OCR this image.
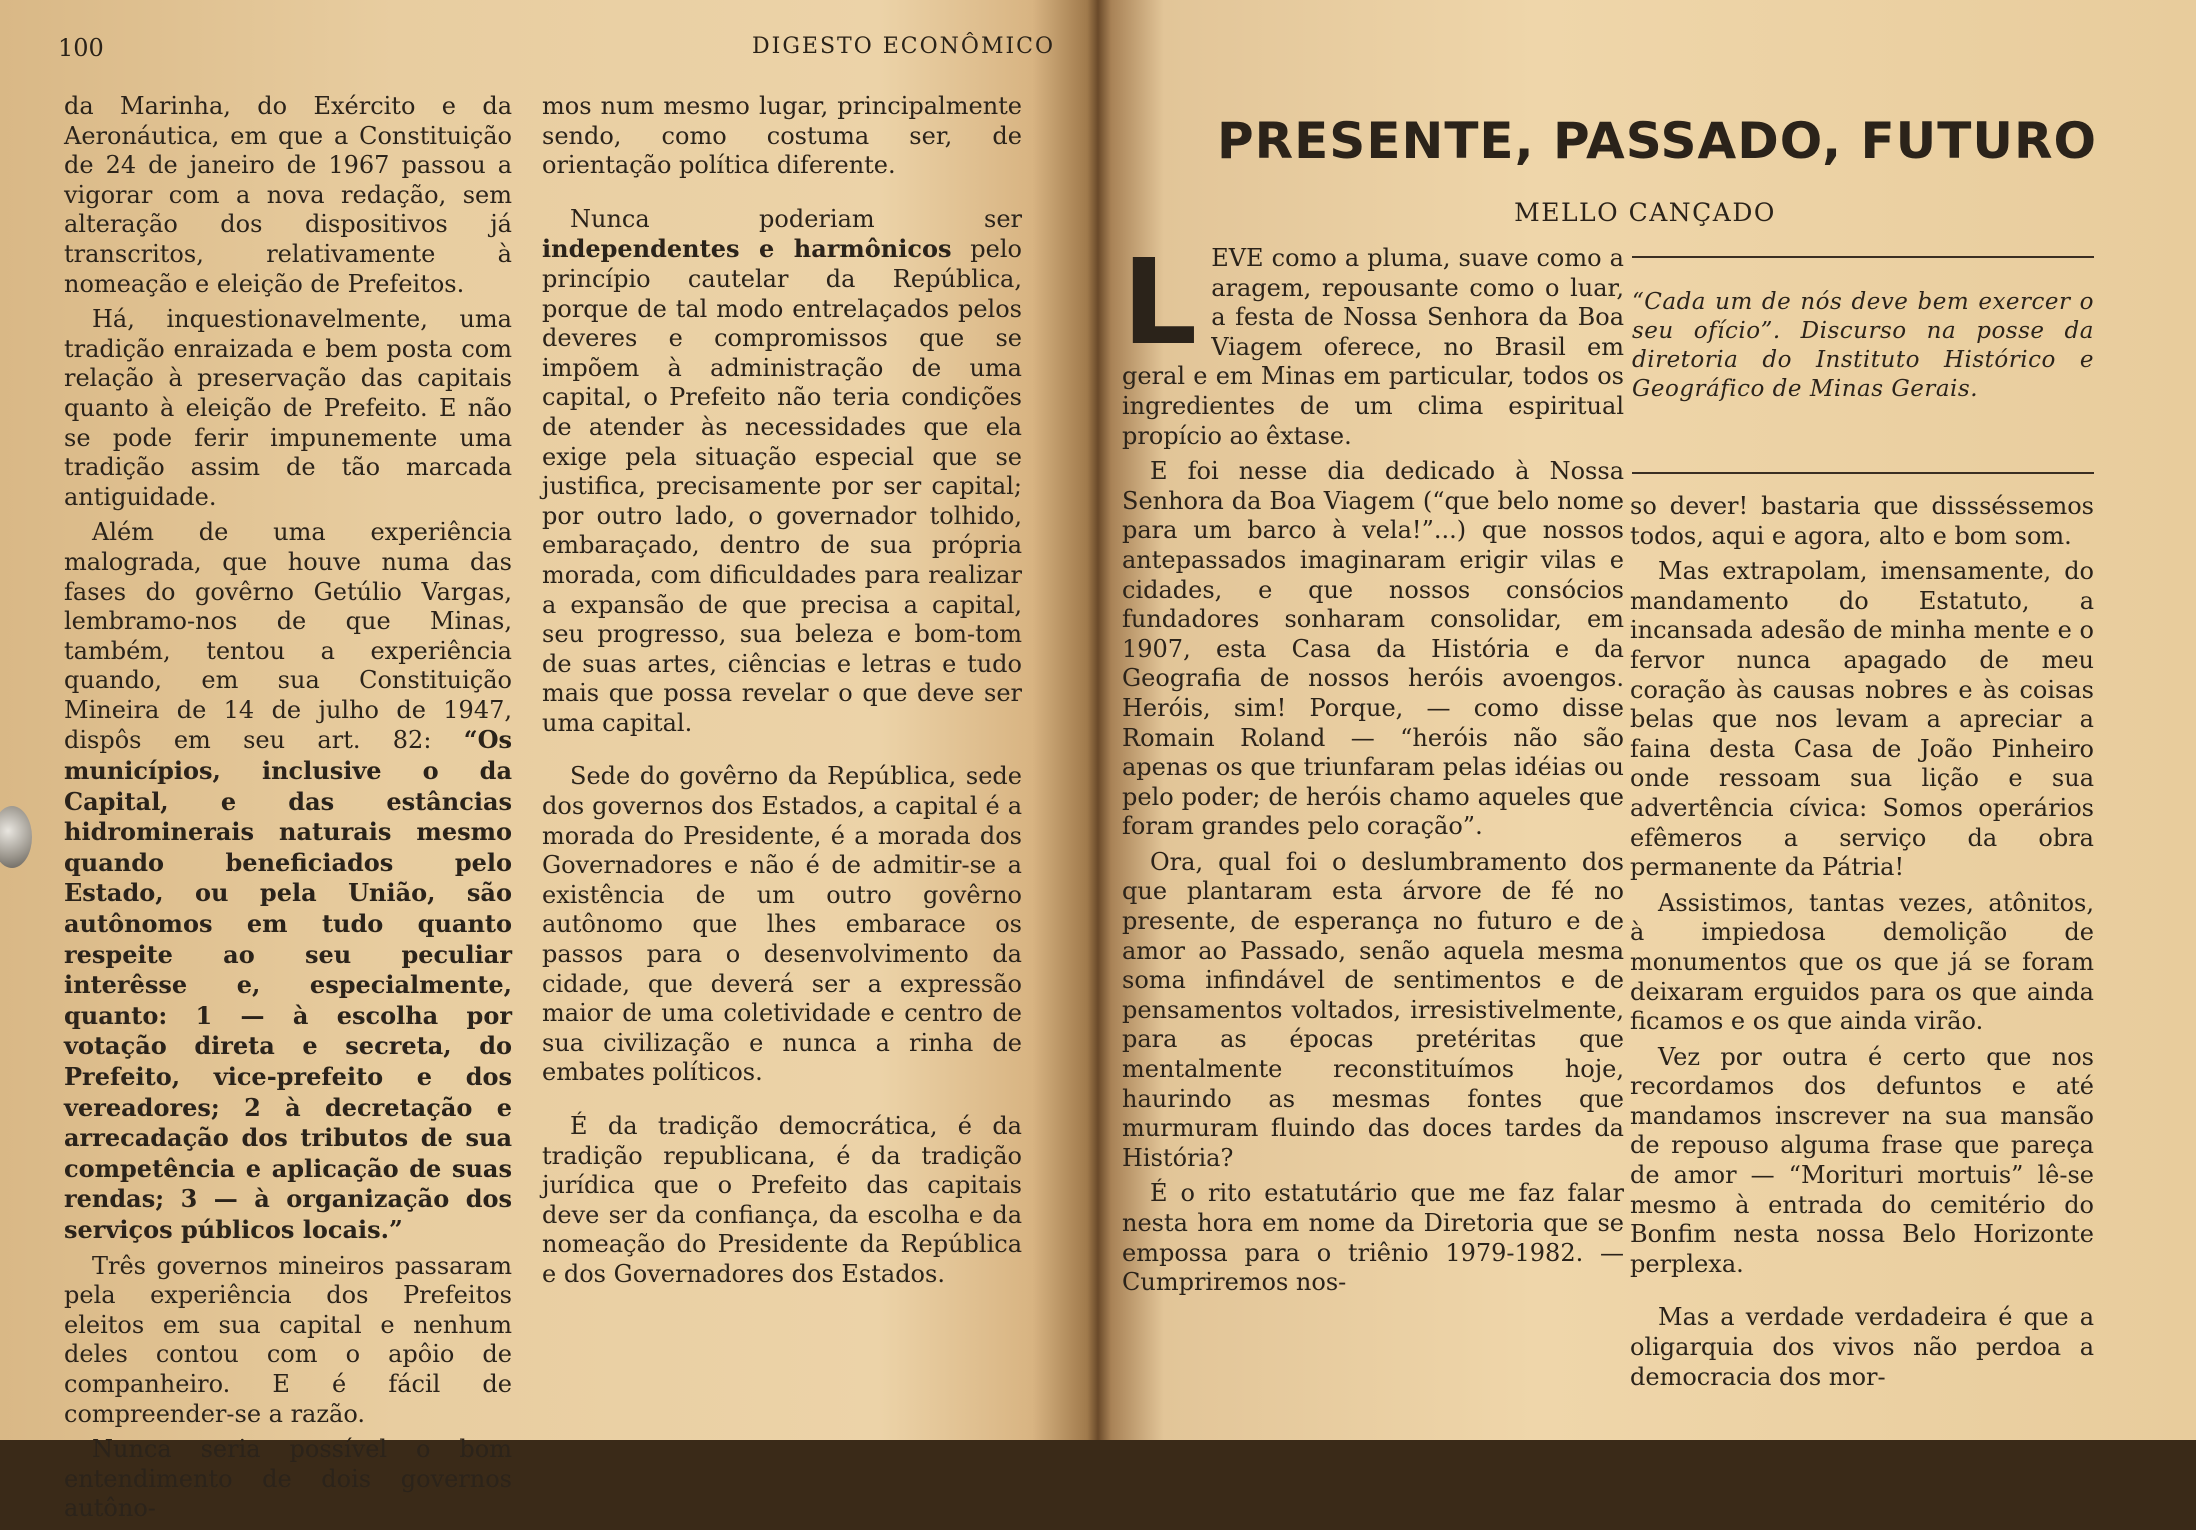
100	DIGESTO ECONÔMICO

da Marinha, do Exército e da Aeronáutica, em que a Constituição de 24 de janeiro de 1967 passou a vigorar com a nova redação, sem alteração dos dispositivos já transcritos, relativamente à nomeação e eleição de Prefeitos.

Há, inquestionavelmente, uma tradição enraizada e bem posta com relação à preservação das capitais quanto à eleição de Prefeito. E não se pode ferir impunemente uma tradição assim de tão marcada antiguidade.

Além de uma experiência malograda, que houve numa das fases do govêrno Getúlio Vargas, lembramo-nos de que Minas, também, tentou a experiência quando, em sua Constituição Mineira de 14 de julho de 1947, dispôs em seu art. 82: “Os municípios, inclusive o da Capital, e das estâncias hidrominerais naturais mesmo quando beneficiados pelo Estado, ou pela União, são autônomos em tudo quanto respeite ao seu peculiar interêsse e, especialmente, quanto: 1 — à escolha por votação direta e secreta, do Prefeito, vice-prefeito e dos vereadores; 2 à decretação e arrecadação dos tributos de sua competência e aplicação de suas rendas; 3 — à organização dos serviços públicos locais.”

Três governos mineiros passaram pela experiência dos Prefeitos eleitos em sua capital e nenhum deles contou com o apôio de companheiro. E é fácil de compreender-se a razão.

Nunca seria possível o bom entendimento de dois governos autôno-

mos num mesmo lugar, principalmente sendo, como costuma ser, de orientação política diferente.

Nunca poderiam ser independentes e harmônicos pelo princípio cautelar da República, porque de tal modo entrelaçados pelos deveres e compromissos que se impõem à administração de uma capital, o Prefeito não teria condições de atender às necessidades que ela exige pela situação especial que se justifica, precisamente por ser capital; por outro lado, o governador tolhido, embaraçado, dentro de sua própria morada, com dificuldades para realizar a expansão de que precisa a capital, seu progresso, sua beleza e bom-tom de suas artes, ciências e letras e tudo mais que possa revelar o que deve ser uma capital.

Sede do govêrno da República, sede dos governos dos Estados, a capital é a morada do Presidente, é a morada dos Governadores e não é de admitir-se a existência de um outro govêrno autônomo que lhes embarace os passos para o desenvolvimento da cidade, que deverá ser a expressão maior de uma coletividade e centro de sua civilização e nunca a rinha de embates políticos.

É da tradição democrática, é da tradição republicana, é da tradição jurídica que o Prefeito das capitais deve ser da confiança, da escolha e da nomeação do Presidente da República e dos Governadores dos Estados.

PRESENTE, PASSADO, FUTURO
MELLO CANÇADO

“Cada um de nós deve bem exercer o seu ofício”. Discurso na posse da diretoria do Instituto Histórico e Geográfico de Minas Gerais.

LEVE como a pluma, suave como a aragem, repousante como o luar, a festa de Nossa Senhora da Boa Viagem oferece, no Brasil em geral e em Minas em particular, todos os ingredientes de um clima espiritual propício ao êxtase.

E foi nesse dia dedicado à Nossa Senhora da Boa Viagem (“que belo nome para um barco à vela!”...) que nossos antepassados imaginaram erigir vilas e cidades, e que nossos consócios fundadores sonharam consolidar, em 1907, esta Casa da História e da Geografia de nossos heróis avoengos. Heróis, sim! Porque, — como disse Romain Roland — “heróis não são apenas os que triunfaram pelas idéias ou pelo poder; de heróis chamo aqueles que foram grandes pelo coração”.

Ora, qual foi o deslumbramento dos que plantaram esta árvore de fé no presente, de esperança no futuro e de amor ao Passado, senão aquela mesma soma infindável de sentimentos e de pensamentos voltados, irresistivelmente, para as épocas pretéritas que mentalmente reconstituímos hoje, haurindo as mesmas fontes que murmuram fluindo das doces tardes da História?

É o rito estatutário que me faz falar nesta hora em nome da Diretoria que se empossa para o triênio 1979-1982. — Cumpriremos nos-

so dever! bastaria que dissséssemos todos, aqui e agora, alto e bom som.

Mas extrapolam, imensamente, do mandamento do Estatuto, a incansada adesão de minha mente e o fervor nunca apagado de meu coração às causas nobres e às coisas belas que nos levam a apreciar a faina desta Casa de João Pinheiro onde ressoam sua lição e sua advertência cívica: Somos operários efêmeros a serviço da obra permanente da Pátria!

Assistimos, tantas vezes, atônitos, à impiedosa demolição de monumentos que os que já se foram deixaram erguidos para os que ainda ficamos e os que ainda virão.

Vez por outra é certo que nos recordamos dos defuntos e até mandamos inscrever na sua mansão de repouso alguma frase que pareça de amor — “Morituri mortuis” lê-se mesmo à entrada do cemitério do Bonfim nesta nossa Belo Horizonte perplexa.

Mas a verdade verdadeira é que a oligarquia dos vivos não perdoa a democracia dos mor-
